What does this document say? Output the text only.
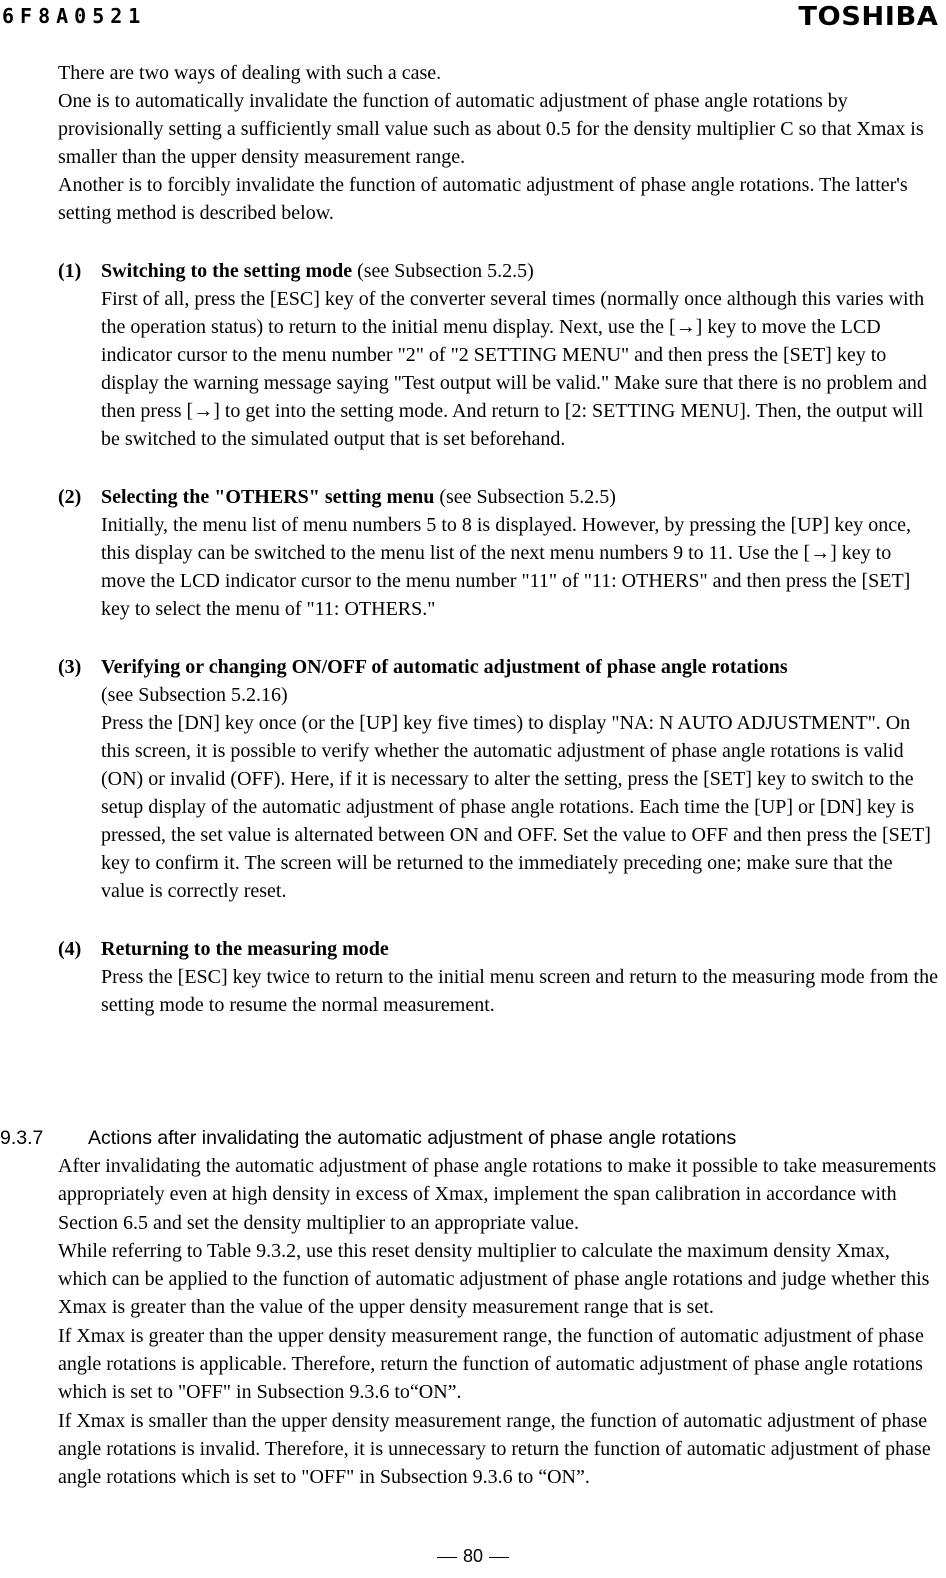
6F8A0521	TOSHIBA

There are two ways of dealing with such a case.

One is to automatically invalidate the function of automatic adjustment of phase angle rotations by provisionally setting a sufficiently small value such as about 0.5 for the density multiplier C so that Xmax is smaller than the upper density measurement range.

Another is to forcibly invalidate the function of automatic adjustment of phase angle rotations. The latter's setting method is described below.

(1) Switching to the setting mode (see Subsection 5.2.5)

First of all, press the [ESC] key of the converter several times (normally once although this varies with the operation status) to return to the initial menu display. Next, use the [→] key to move the LCD indicator cursor to the menu number "2" of "2 SETTING MENU" and then press the [SET] key to display the warning message saying "Test output will be valid." Make sure that there is no problem and then press [→] to get into the setting mode. And return to [2: SETTING MENU]. Then, the output will be switched to the simulated output that is set beforehand.

(2) Selecting the "OTHERS" setting menu (see Subsection 5.2.5)

Initially, the menu list of menu numbers 5 to 8 is displayed. However, by pressing the [UP] key once, this display can be switched to the menu list of the next menu numbers 9 to 11. Use the [→] key to move the LCD indicator cursor to the menu number "11" of "11: OTHERS" and then press the [SET] key to select the menu of "11: OTHERS."

(3) Verifying or changing ON/OFF of automatic adjustment of phase angle rotations

(see Subsection 5.2.16)

Press the [DN] key once (or the [UP] key five times) to display "NA: N AUTO ADJUSTMENT". On this screen, it is possible to verify whether the automatic adjustment of phase angle rotations is valid (ON) or invalid (OFF). Here, if it is necessary to alter the setting, press the [SET] key to switch to the setup display of the automatic adjustment of phase angle rotations. Each time the [UP] or [DN] key is pressed, the set value is alternated between ON and OFF. Set the value to OFF and then press the [SET] key to confirm it. The screen will be returned to the immediately preceding one; make sure that the value is correctly reset.

(4) Returning to the measuring mode

Press the [ESC] key twice to return to the initial menu screen and return to the measuring mode from the setting mode to resume the normal measurement.

9.3.7	Actions after invalidating the automatic adjustment of phase angle rotations

After invalidating the automatic adjustment of phase angle rotations to make it possible to take measurements appropriately even at high density in excess of Xmax, implement the span calibration in accordance with Section 6.5 and set the density multiplier to an appropriate value.

While referring to Table 9.3.2, use this reset density multiplier to calculate the maximum density Xmax, which can be applied to the function of automatic adjustment of phase angle rotations and judge whether this Xmax is greater than the value of the upper density measurement range that is set.

If Xmax is greater than the upper density measurement range, the function of automatic adjustment of phase angle rotations is applicable. Therefore, return the function of automatic adjustment of phase angle rotations which is set to "OFF" in Subsection 9.3.6 to“ON”.

If Xmax is smaller than the upper density measurement range, the function of automatic adjustment of phase angle rotations is invalid. Therefore, it is unnecessary to return the function of automatic adjustment of phase angle rotations which is set to "OFF" in Subsection 9.3.6 to “ON”.

80
